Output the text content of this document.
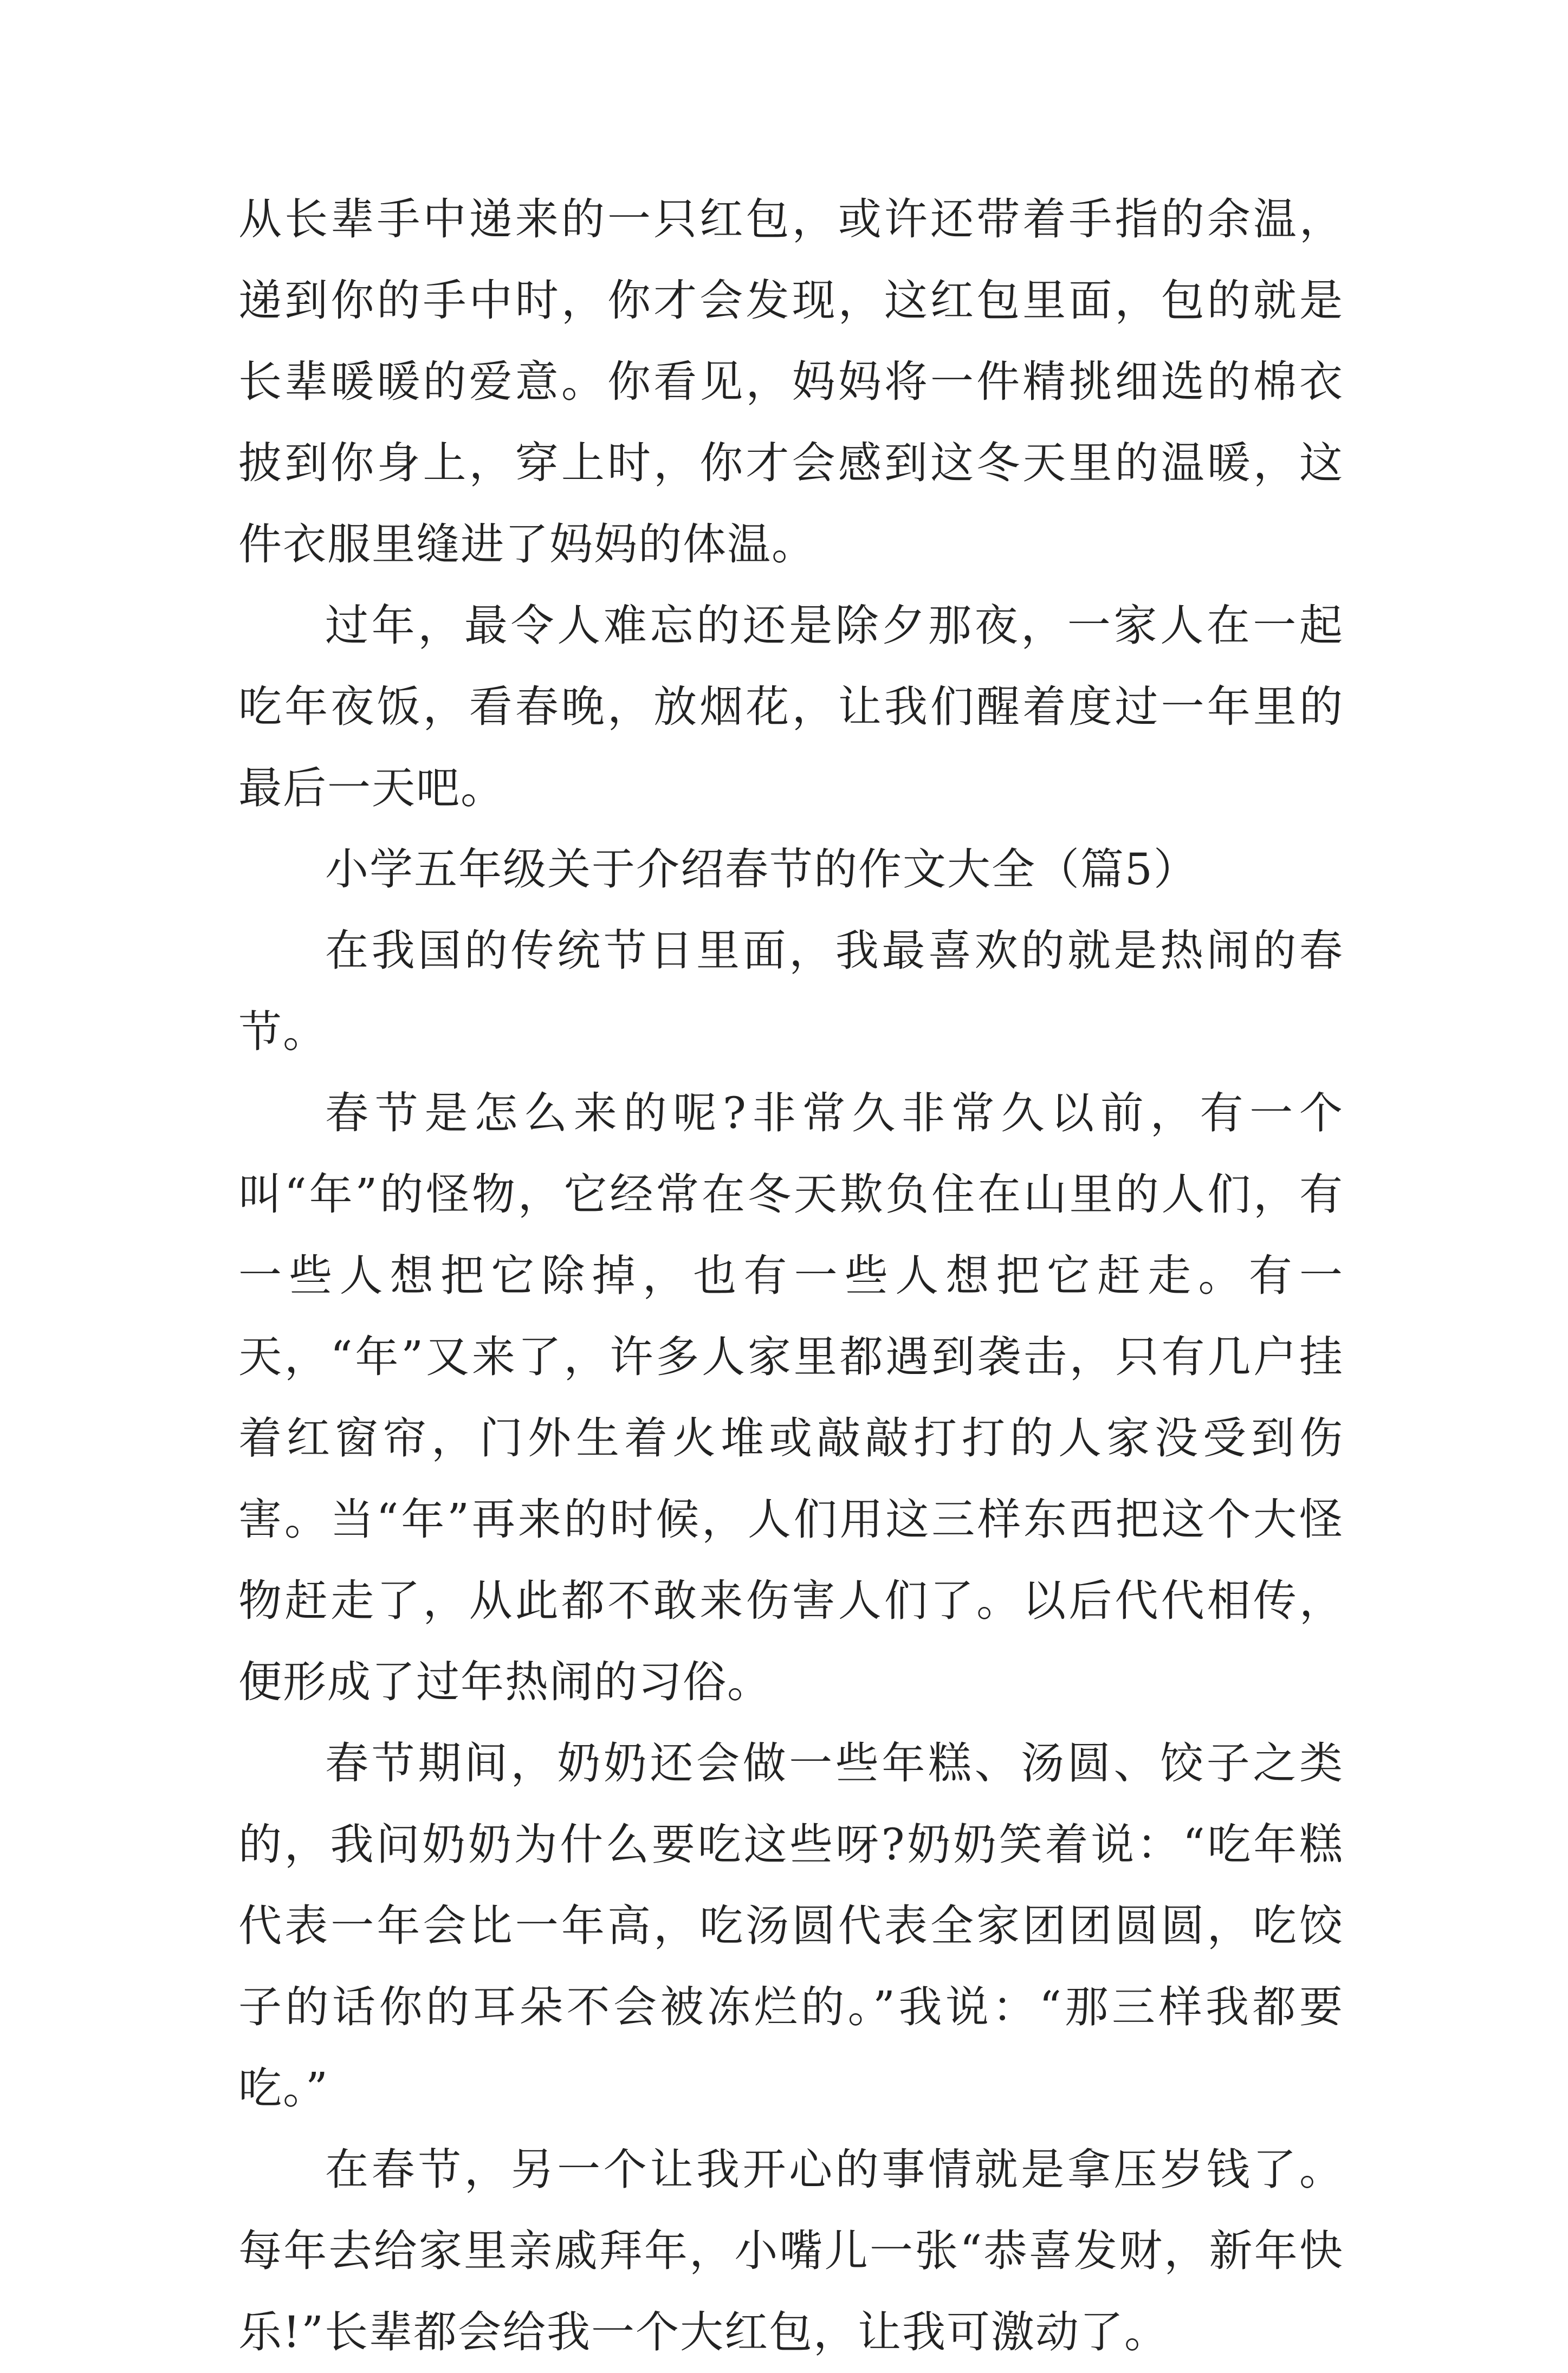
从长辈手中递来的一只红包，或许还带着手指的余温，递到你的手中时，你才会发现，这红包里面，包的就是长辈暖暖的爱意。你看见，妈妈将一件精挑细选的棉衣披到你身上，穿上时，你才会感到这冬天里的温暖，这件衣服里缝进了妈妈的体温。

过年，最令人难忘的还是除夕那夜，一家人在一起吃年夜饭，看春晚，放烟花，让我们醒着度过一年里的最后一天吧。

小学五年级关于介绍春节的作文大全（篇5）

在我国的传统节日里面，我最喜欢的就是热闹的春节。

春节是怎么来的呢?非常久非常久以前，有一个叫“年”的怪物，它经常在冬天欺负住在山里的人们，有一些人想把它除掉，也有一些人想把它赶走。有一天，“年”又来了，许多人家里都遇到袭击，只有几户挂着红窗帘，门外生着火堆或敲敲打打的人家没受到伤害。当“年”再来的时候，人们用这三样东西把这个大怪物赶走了，从此都不敢来伤害人们了。以后代代相传，便形成了过年热闹的习俗。

春节期间，奶奶还会做一些年糕、汤圆、饺子之类的，我问奶奶为什么要吃这些呀?奶奶笑着说：“吃年糕代表一年会比一年高，吃汤圆代表全家团团圆圆，吃饺子的话你的耳朵不会被冻烂的。”我说：“那三样我都要吃。”

在春节，另一个让我开心的事情就是拿压岁钱了。每年去给家里亲戚拜年，小嘴儿一张“恭喜发财，新年快乐!”长辈都会给我一个大红包，让我可激动了。
